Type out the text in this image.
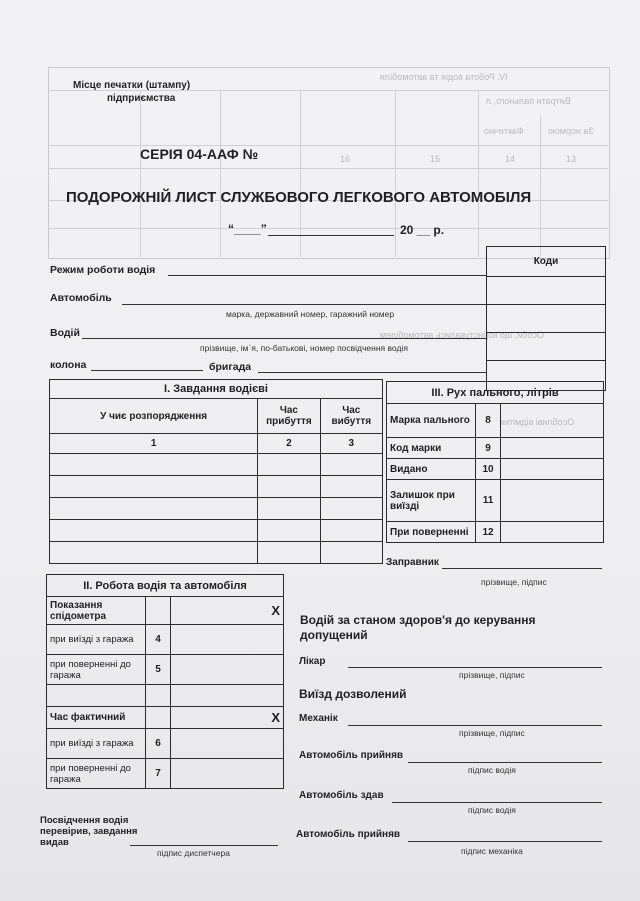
IV. Робота водія та автомобіля
Витрати пального, л
За нормою
Фактично
13
14
15
16
Особи, що користувались автомобілем
Особливі відмітки
Місце печатки (штампу)
підприємства
СЕРІЯ 04-ААФ №
ПОДОРОЖНІЙ ЛИСТ СЛУЖБОВОГО ЛЕГКОВОГО АВТОМОБІЛЯ
“____”	20 __ р.
Коди

Режим роботи водія
Автомобіль
марка, державний номер, гаражний номер
Водій
прізвище, ім`я, по-батькові, номер посвідчення водія
колона	бригада
I. Завдання водієві		
У чиє розпорядження	Час прибуття	Час вибуття
1	2	3

III. Рух пального, літрів		
Марка пального	8	
Код марки	9	
Видано	10	
Залишок при виїзді	11	
При поверненні	12	
Заправник
прізвище, підпис
II. Робота водія та автомобіля		
Показання спідометра		X
при виїзді з гаража	4	
при поверненні до гаража	5	

Час фактичний		X
при виїзді з гаража	6	
при поверненні до гаража	7	
Водій за станом здоров'я до керування допущений
Лікар
прізвище, підпис
Виїзд дозволений
Механік
прізвище, підпис
Автомобіль прийняв
підпис водія
Автомобіль здав
підпис водія
Автомобіль прийняв
підпис механіка
Посвідчення водія перевірив, завдання видав
підпис диспетчера
